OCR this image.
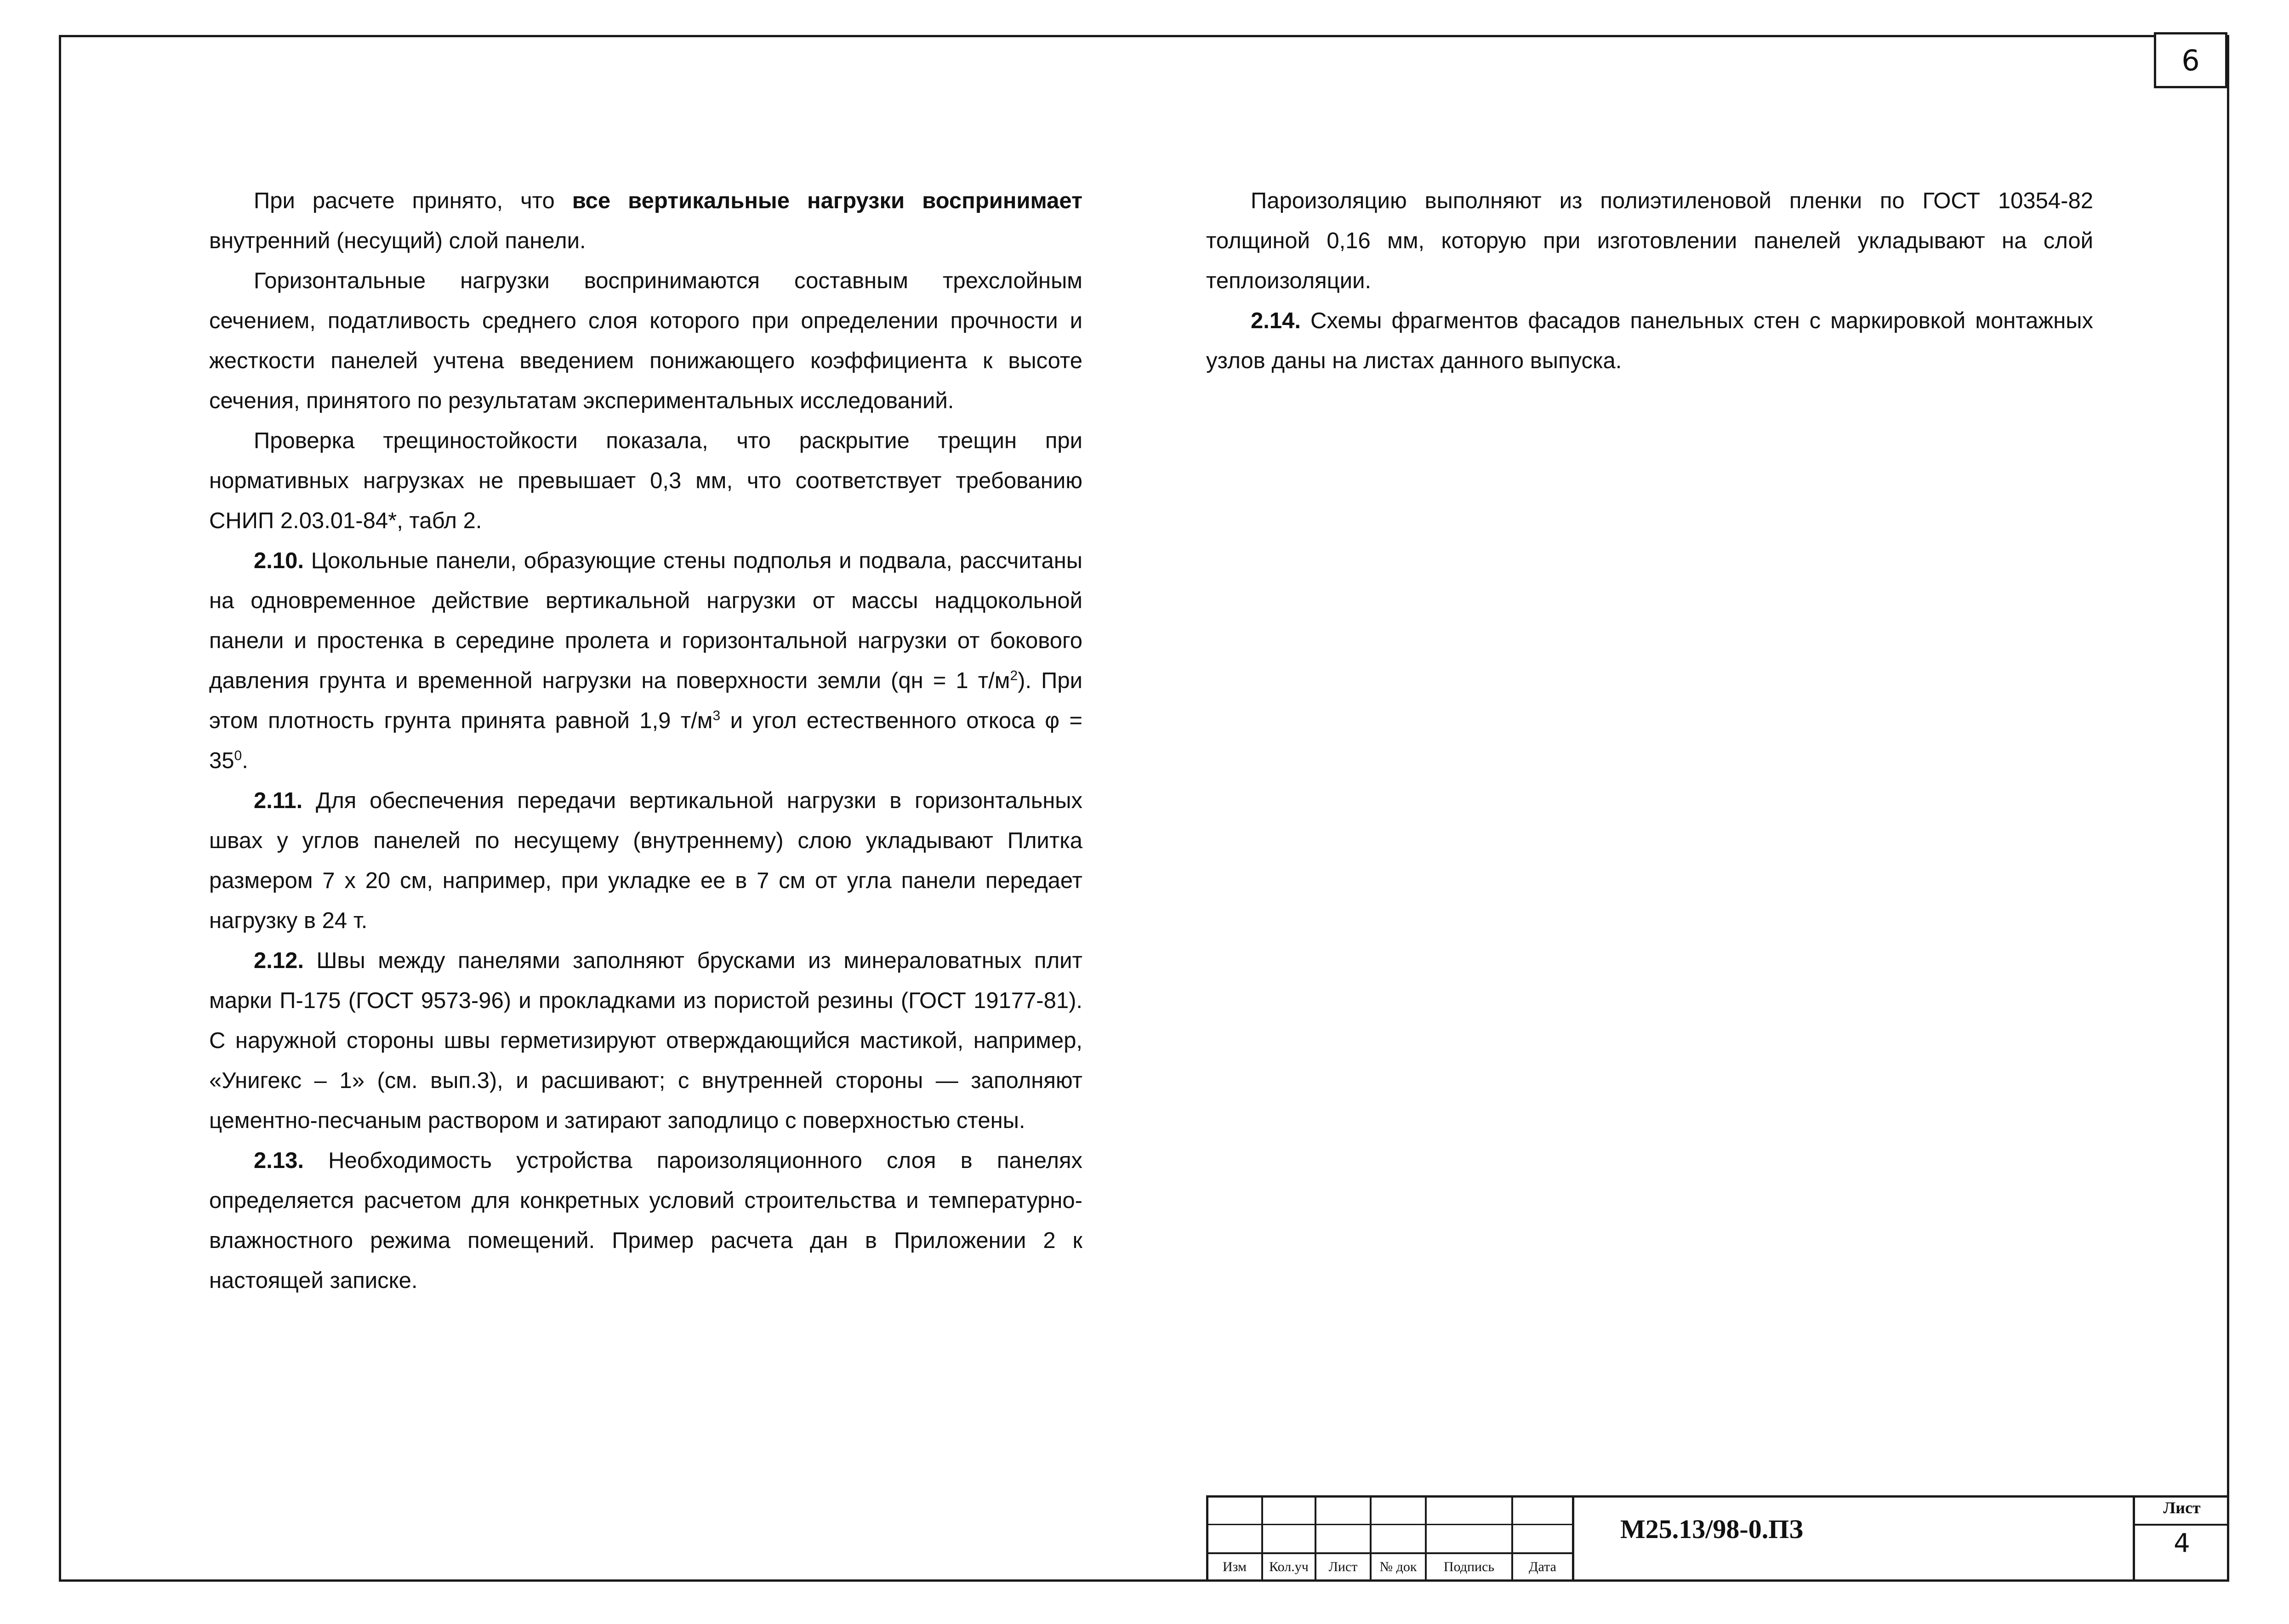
6

При расчете принято, что все вертикальные нагрузки воспринимает внутренний (несущий) слой панели.

Горизонтальные нагрузки воспринимаются составным трехслойным сечением, податливость среднего слоя которого при определении прочности и жесткости панелей учтена введением понижающего коэффициента к высоте сечения, принятого по результатам экспериментальных исследований.

Проверка трещиностойкости показала, что раскрытие трещин при нормативных нагрузках не превышает 0,3 мм, что соответствует требованию СНИП 2.03.01-84*, табл 2.

2.10. Цокольные панели, образующие стены подполья и подвала, рассчитаны на одновременное действие вертикальной нагрузки от массы надцокольной панели и простенка в середине пролета и горизонтальной нагрузки от бокового давления грунта и временной нагрузки на поверхности земли (qн = 1 $т/м^2$). При этом плотность грунта принята равной 1,9 $т/м^3$ и угол естественного откоса $\varphi = 35^0$.

2.11. Для обеспечения передачи вертикальной нагрузки в горизонтальных швах у углов панелей по несущему (внутреннему) слою укладывают Плитка размером 7 х 20 см, например, при укладке ее в 7 см от угла панели передает нагрузку в 24 т.

2.12. Швы между панелями заполняют брусками из минераловатных плит марки П-175 (ГОСТ 9573-96) и прокладками из пористой резины (ГОСТ 19177-81). С наружной стороны швы герметизируют отверждающийся мастикой, например, «Унигекс – 1» (см. вып.3), и расшивают; с внутренней стороны — заполняют цементно-песчаным раствором и затирают заподлицо с поверхностью стены.

2.13. Необходимость устройства пароизоляционного слоя в панелях определяется расчетом для конкретных условий строительства и температурно-влажностного режима помещений. Пример расчета дан в Приложении 2 к настоящей записке.

Пароизоляцию выполняют из полиэтиленовой пленки по ГОСТ 10354-82 толщиной 0,16 мм, которую при изготовлении панелей укладывают на слой теплоизоляции.

2.14. Схемы фрагментов фасадов панельных стен с маркировкой монтажных узлов даны на листах данного выпуска.

Изм	Кол.уч	Лист	№ док	Подпись	Дата
М25.13/98-0.ПЗ
Лист
4
